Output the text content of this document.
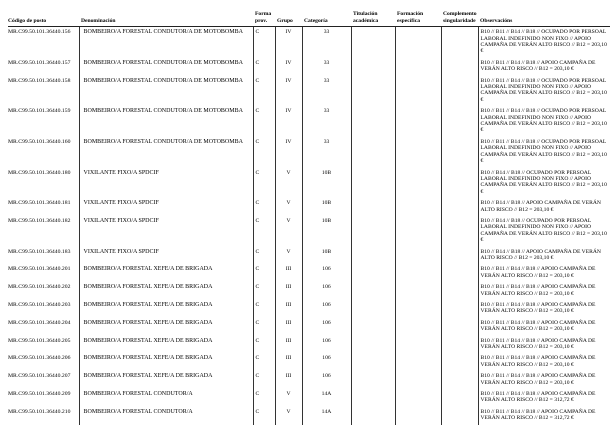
Código de posto	Denominación	Forma prov.	Grupo	Categoría	Titulación académica	Formación específica	Complemento singularidade	Observacións
MR.C99.50.101.36440.156	BOMBEIRO/A FORESTAL CONDUTOR/A DE MOTOBOMBA	C	IV	33				B10 // B11 // B14 // B18 // OCUPADO POR PERSOAL LABORAL INDEFINIDO NON FIXO // APOIO CAMPAÑA DE VERÁN ALTO RISCO // B12 = 203,10 €
MR.C99.50.101.36440.157	BOMBEIRO/A FORESTAL CONDUTOR/A DE MOTOBOMBA	C	IV	33				B10 // B11 // B14 // B18 // APOIO CAMPAÑA DE VERÁN ALTO RISCO // B12 = 203,10 €
MR.C99.50.101.36440.158	BOMBEIRO/A FORESTAL CONDUTOR/A DE MOTOBOMBA	C	IV	33				B10 // B11 // B14 // B18 // OCUPADO POR PERSOAL LABORAL INDEFINIDO NON FIXO // APOIO CAMPAÑA DE VERÁN ALTO RISCO // B12 = 203,10 €
MR.C99.50.101.36440.159	BOMBEIRO/A FORESTAL CONDUTOR/A DE MOTOBOMBA	C	IV	33				B10 // B11 // B14 // B18 // OCUPADO POR PERSOAL LABORAL INDEFINIDO NON FIXO // APOIO CAMPAÑA DE VERÁN ALTO RISCO // B12 = 203,10 €
MR.C99.50.101.36440.160	BOMBEIRO/A FORESTAL CONDUTOR/A DE MOTOBOMBA	C	IV	33				B10 // B11 // B14 // B18 // OCUPADO POR PERSOAL LABORAL INDEFINIDO NON FIXO // APOIO CAMPAÑA DE VERÁN ALTO RISCO // B12 = 203,10 €
MR.C99.50.101.36440.180	VIXILANTE FIXO/A SPDCIF	C	V	10B				B10 // B14 // B18 // OCUPADO POR PERSOAL LABORAL INDEFINIDO NON FIXO // APOIO CAMPAÑA DE VERÁN ALTO RISCO // B12 = 203,10 €
MR.C99.50.101.36440.181	VIXILANTE FIXO/A SPDCIF	C	V	10B				B10 // B14 // B18 // APOIO CAMPAÑA DE VERÁN ALTO RISCO // B12 = 203,10 €
MR.C99.50.101.36440.182	VIXILANTE FIXO/A SPDCIF	C	V	10B				B10 // B14 // B18 // OCUPADO POR PERSOAL LABORAL INDEFINIDO NON FIXO // APOIO CAMPAÑA DE VERÁN ALTO RISCO // B12 = 203,10 €
MR.C99.50.101.36440.183	VIXILANTE FIXO/A SPDCIF	C	V	10B				B10 // B14 // B18 // APOIO CAMPAÑA DE VERÁN ALTO RISCO // B12 = 203,10 €
MR.C99.50.101.36440.201	BOMBEIRO/A FORESTAL XEFE/A DE BRIGADA	C	III	106				B10 // B11 // B14 // B18 // APOIO CAMPAÑA DE VERÁN ALTO RISCO // B12 = 203,10 €
MR.C99.50.101.36440.202	BOMBEIRO/A FORESTAL XEFE/A DE BRIGADA	C	III	106				B10 // B11 // B14 // B18 // APOIO CAMPAÑA DE VERÁN ALTO RISCO // B12 = 203,10 €
MR.C99.50.101.36440.203	BOMBEIRO/A FORESTAL XEFE/A DE BRIGADA	C	III	106				B10 // B11 // B14 // B18 // APOIO CAMPAÑA DE VERÁN ALTO RISCO // B12 = 203,10 €
MR.C99.50.101.36440.204	BOMBEIRO/A FORESTAL XEFE/A DE BRIGADA	C	III	106				B10 // B11 // B14 // B18 // APOIO CAMPAÑA DE VERÁN ALTO RISCO // B12 = 203,10 €
MR.C99.50.101.36440.205	BOMBEIRO/A FORESTAL XEFE/A DE BRIGADA	C	III	106				B10 // B11 // B14 // B18 // APOIO CAMPAÑA DE VERÁN ALTO RISCO // B12 = 203,10 €
MR.C99.50.101.36440.206	BOMBEIRO/A FORESTAL XEFE/A DE BRIGADA	C	III	106				B10 // B11 // B14 // B18 // APOIO CAMPAÑA DE VERÁN ALTO RISCO // B12 = 203,10 €
MR.C99.50.101.36440.207	BOMBEIRO/A FORESTAL XEFE/A DE BRIGADA	C	III	106				B10 // B11 // B14 // B18 // APOIO CAMPAÑA DE VERÁN ALTO RISCO // B12 = 203,10 €
MR.C99.50.101.36440.209	BOMBEIRO/A FORESTAL CONDUTOR/A	C	V	14A				B10 // B11 // B14 // B18 // APOIO CAMPAÑA DE VERÁN ALTO RISCO // B12 = 312,72 €
MR.C99.50.101.36440.210	BOMBEIRO/A FORESTAL CONDUTOR/A	C	V	14A				B10 // B11 // B14 // B18 // APOIO CAMPAÑA DE VERÁN ALTO RISCO // B12 = 312,72 €
